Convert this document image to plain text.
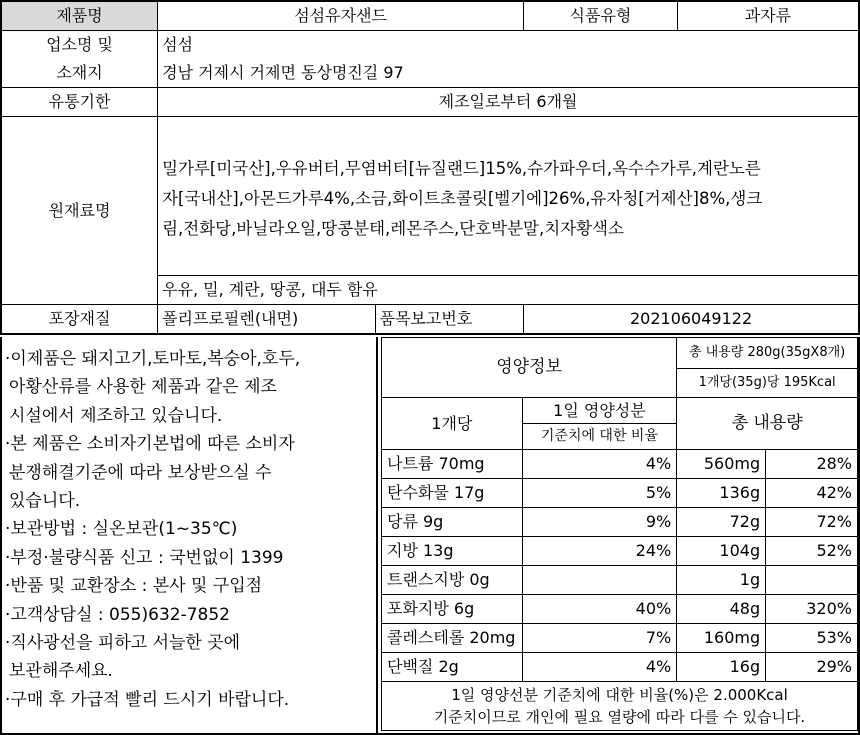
제품명	섬섬유자샌드		식품유형	과자류
업소명 및	섬섬			
소재지	경남 거제시 거제면 동상명진길 97			
유통기한	제조일로부터 6개월			
원재료명	밀가루[미국산],우유버터,무염버터[뉴질랜드]15%,슈가파우더,옥수수가루,계란노른
자[국내산],아몬드가루4%,소금,화이트초콜릿[벨기에]26%,유자청[거제산]8%,생크
림,전화당,바닐라오일,땅콩분태,레몬주스,단호박분말,치자황색소			

	우유, 밀, 계란, 땅콩, 대두 함유			
포장재질	폴리프로필렌(내면)	품목보고번호	202106049122	
·이제품은 돼지고기,토마토,복숭아,호두,
아황산류를 사용한 제품과 같은 제조
시설에서 제조하고 있습니다.
·본 제품은 소비자기본법에 따른 소비자
분쟁해결기준에 따라 보상받으실 수
있습니다.
·보관방법 : 실온보관(1~35℃)
·부정·불량식품 신고 : 국번없이 1399
·반품 및 교환장소 : 본사 및 구입점
·고객상담실 : 055)632-7852
·직사광선을 피하고 서늘한 곳에
보관해주세요.
·구매 후 가급적 빨리 드시기 바랍니다.
영양정보		총 내용량 280g(35gX8개)	
		1개당(35g)당 195Kcal	
1개당	1일 영양성분	총 내용량	
	기준치에 대한 비율		
나트륨 70mg	4%	560mg	28%
탄수화물 17g	5%	136g	42%
당류 9g	9%	72g	72%
지방 13g	24%	104g	52%
트랜스지방 0g		1g	
포화지방 6g	40%	48g	320%
콜레스테롤 20mg	7%	160mg	53%
단백질 2g	4%	16g	29%

1일 영양선분 기준치에 대한 비율(%)은 2.000Kcal
기준치이므로 개인에 필요 열량에 따라 다를 수 있습니다.			
